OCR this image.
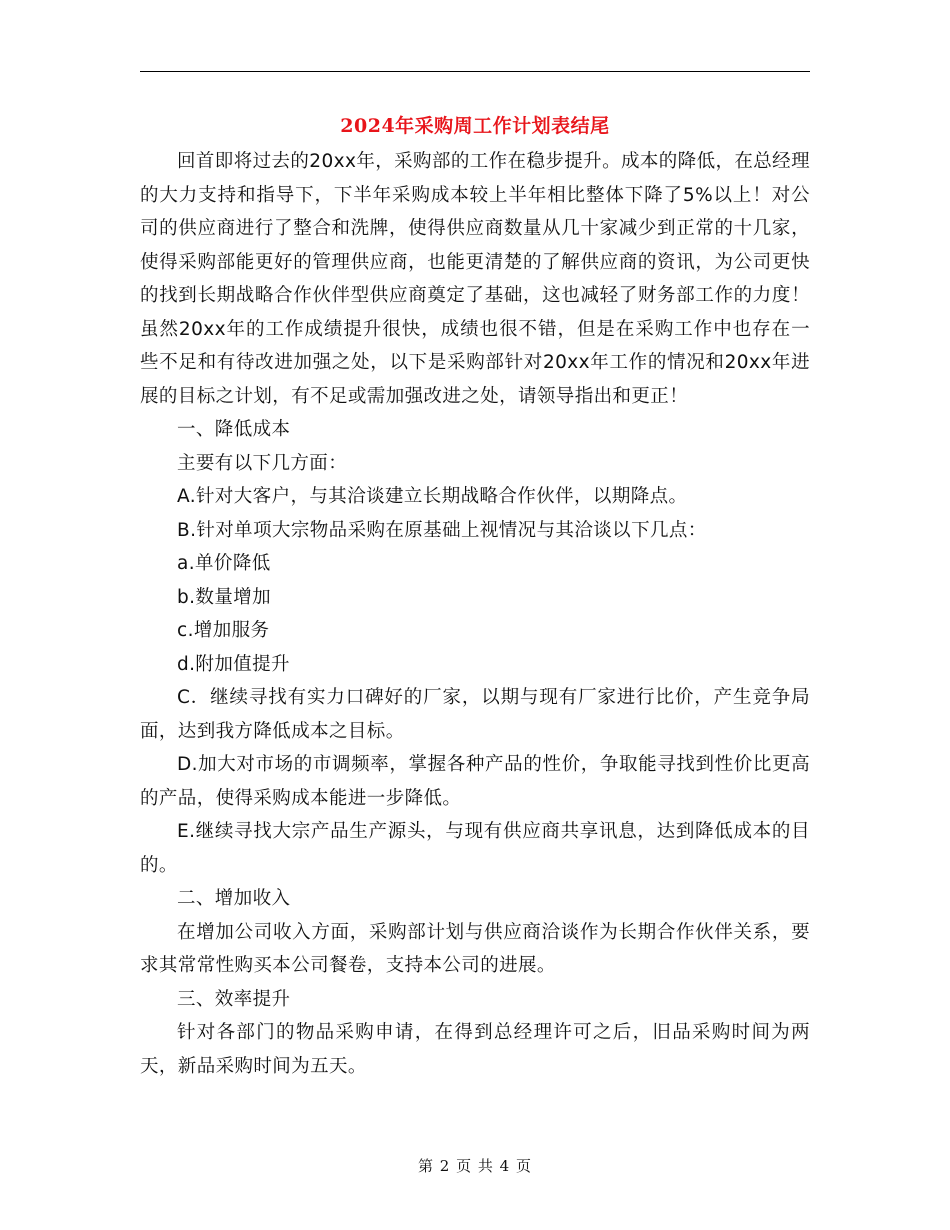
2024年采购周工作计划表结尾

回首即将过去的20xx年，采购部的工作在稳步提升。成本的降低，在总经理的大力支持和指导下，下半年采购成本较上半年相比整体下降了5%以上！对公司的供应商进行了整合和洗牌，使得供应商数量从几十家减少到正常的十几家，使得采购部能更好的管理供应商，也能更清楚的了解供应商的资讯，为公司更快的找到长期战略合作伙伴型供应商奠定了基础，这也减轻了财务部工作的力度！虽然20xx年的工作成绩提升很快，成绩也很不错，但是在采购工作中也存在一些不足和有待改进加强之处，以下是采购部针对20xx年工作的情况和20xx年进展的目标之计划，有不足或需加强改进之处，请领导指出和更正！

一、降低成本

主要有以下几方面：

A.针对大客户，与其洽谈建立长期战略合作伙伴，以期降点。

B.针对单项大宗物品采购在原基础上视情况与其洽谈以下几点：

a.单价降低

b.数量增加

c.增加服务

d.附加值提升

C．继续寻找有实力口碑好的厂家，以期与现有厂家进行比价，产生竞争局面，达到我方降低成本之目标。

D.加大对市场的市调频率，掌握各种产品的性价，争取能寻找到性价比更高的产品，使得采购成本能进一步降低。

E.继续寻找大宗产品生产源头，与现有供应商共享讯息，达到降低成本的目的。

二、增加收入

在增加公司收入方面，采购部计划与供应商洽谈作为长期合作伙伴关系，要求其常常性购买本公司餐卷，支持本公司的进展。

三、效率提升

针对各部门的物品采购申请，在得到总经理许可之后，旧品采购时间为两天，新品采购时间为五天。

第 2 页 共 4 页
